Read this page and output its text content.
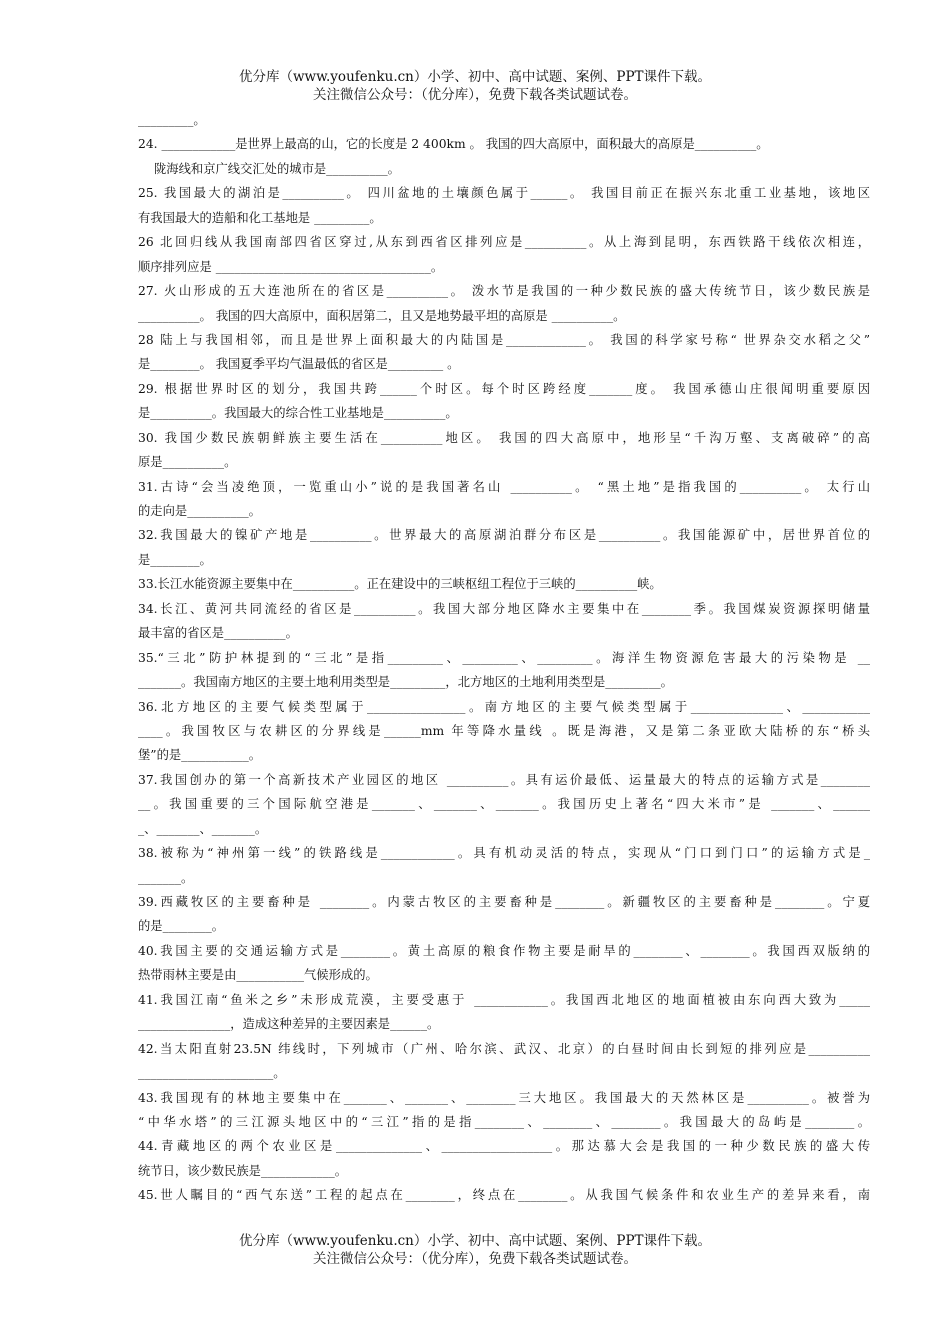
优分库（www.youfenku.cn）小学、初中、高中试题、案例、PPT课件下载。
关注微信公众号：（优分库），免费下载各类试题试卷。
_________。
24. ____________是世界上最高的山，它的长度是 2 400km 。 我国的四大高原中，面积最大的高原是__________。
陇海线和京广线交汇处的城市是__________。
25. 我国最大的湖泊是__________。 四川盆地的土壤颜色属于______。 我国目前正在振兴东北重工业基地，该地区
有我国最大的造船和化工基地是 _________。
26 北回归线从我国南部四省区穿过,从东到西省区排列应是__________。从上海到昆明，东西铁路干线依次相连，
顺序排列应是 ___________________________________。
27. 火山形成的五大连池所在的省区是__________。 泼水节是我国的一种少数民族的盛大传统节日，该少数民族是
__________。 我国的四大高原中，面积居第二，且又是地势最平坦的高原是 __________。
28 陆上与我国相邻，而且是世界上面积最大的内陆国是_____________。 我国的科学家号称“ 世界杂交水稻之父”
是________。 我国夏季平均气温最低的省区是_________ 。
29. 根据世界时区的划分，我国共跨______个时区。每个时区跨经度_______度。 我国承德山庄很闻明重要原因
是__________。我国最大的综合性工业基地是__________。
30. 我国少数民族朝鲜族主要生活在__________地区。 我国的四大高原中，地形呈“千沟万壑、支离破碎”的高
原是__________。
31.古诗“会当凌绝顶，一览重山小”说的是我国著名山 __________。 “黑土地”是指我国的__________。 太行山
的走向是__________。
32.我国最大的镍矿产地是__________。世界最大的高原湖泊群分布区是__________。我国能源矿中，居世界首位的
是________。
33.长江水能资源主要集中在__________。正在建设中的三峡枢纽工程位于三峡的__________峡。
34.长江、黄河共同流经的省区是__________。我国大部分地区降水主要集中在________季。我国煤炭资源探明储量
最丰富的省区是__________。
35.“三北”防护林提到的“三北”是指_________、_________、_________。海洋生物资源危害最大的污染物是 __
_______。我国南方地区的主要土地利用类型是_________，北方地区的土地利用类型是_________。
36.北方地区的主要气候类型属于________________。南方地区的主要气候类型属于_______________、___________
____。我国牧区与农耕区的分界线是______mm 年等降水量线 。既是海港，又是第二条亚欧大陆桥的东“桥头
堡”的是___________。
37.我国创办的第一个高新技术产业园区的地区 __________。具有运价最低、运量最大的特点的运输方式是________
__。我国重要的三个国际航空港是_______、_______、_______。我国历史上著名“四大米市”是 _______、______
_、_______、_______。
38.被称为“神州第一线”的铁路线是____________。具有机动灵活的特点，实现从“门口到门口”的运输方式是_
_______。
39.西藏牧区的主要畜种是 ________。内蒙古牧区的主要畜种是________。新疆牧区的主要畜种是________。宁夏
的是________。
40.我国主要的交通运输方式是________。黄土高原的粮食作物主要是耐旱的________、________。我国西双版纳的
热带雨林主要是由___________气候形成的。
41.我国江南“鱼米之乡”未形成荒漠，主要受惠于 ____________。我国西北地区的地面植被由东向西大致为_____
_______________，造成这种差异的主要因素是______。
42.当太阳直射23.5N 纬线时，下列城市（广州、哈尔滨、武汉、北京）的白昼时间由长到短的排列应是__________
______________________。
43.我国现有的林地主要集中在_______、_______、________三大地区。我国最大的天然林区是__________。被誉为
“中华水塔”的三江源头地区中的“三江”指的是指________、________、________。我国最大的岛屿是________。
44.青藏地区的两个农业区是______________、__________________。那达慕大会是我国的一种少数民族的盛大传
统节日，该少数民族是____________。
45.世人瞩目的“西气东送”工程的起点在________，终点在________。从我国气候条件和农业生产的差异来看，南
优分库（www.youfenku.cn）小学、初中、高中试题、案例、PPT课件下载。
关注微信公众号：（优分库），免费下载各类试题试卷。
